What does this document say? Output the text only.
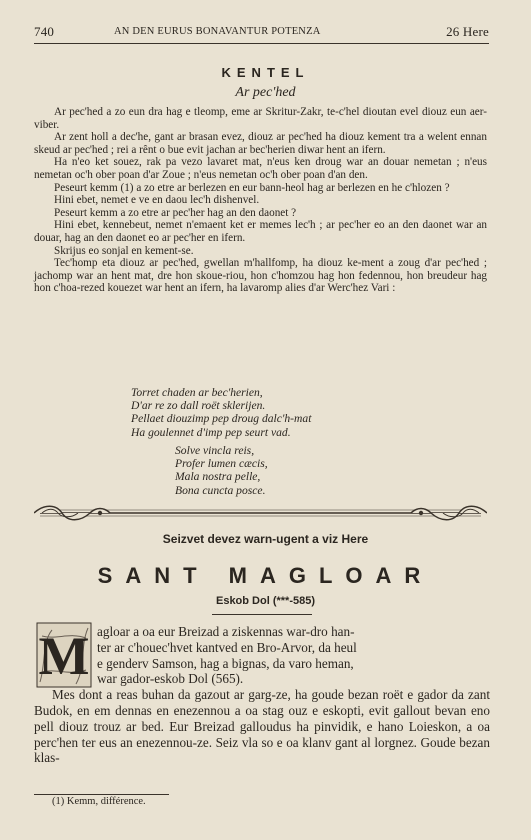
740	AN DEN EURUS BONAVANTUR POTENZA	26 Here
KENTEL
Ar pec'hed

Ar pec'hed a zo eun dra hag e tleomp, eme ar Skritur-Zakr, te-c'hel dioutan evel diouz eun aer-viber.

Ar zent holl a dec'he, gant ar brasan evez, diouz ar pec'hed ha diouz kement tra a welent ennan skeud ar pec'hed ; rei a rênt o bue evit jachan ar bec'herien diwar hent an ifern.

Ha n'eo ket souez, rak pa vezo lavaret mat, n'eus ken droug war an douar nemetan ; n'eus nemetan oc'h ober poan d'ar Zoue ; n'eus nemetan oc'h ober poan d'an den.

Peseurt kemm (1) a zo etre ar berlezen en eur bann-heol hag ar berlezen en he c'hlozen ?

Hini ebet, nemet e ve en daou lec'h dishenvel.

Peseurt kemm a zo etre ar pec'her hag an den daonet ?

Hini ebet, kennebeut, nemet n'emaent ket er memes lec'h ; ar pec'her eo an den daonet war an douar, hag an den daonet eo ar pec'her en ifern.

Skrijus eo sonjal en kement-se.

Tec'homp eta diouz ar pec'hed, gwellan m'hallfomp, ha diouz ke-ment a zoug d'ar pec'hed ; jachomp war an hent mat, dre hon skoue-riou, hon c'homzou hag hon fedennou, hon breudeur hag hon c'hoa-rezed kouezet war hent an ifern, ha lavaromp alies d'ar Werc'hez Vari :

Torret chaden ar bec'herien,
D'ar re zo dall roët sklerijen.
Pellaet diouzimp pep droug dalc'h-mat
Ha goulennet d'imp pep seurt vad.
Solve vincla reis,
Profer lumen cæcis,
Mala nostra pelle,
Bona cuncta posce.
Seizvet devez warn-ugent a viz Here
SANT MAGLOAR
Eskob Dol (***-585)
M agloar a oa eur Breizad a ziskennas war-dro han-
ter ar c'houec'hvet kantved en Bro-Arvor, da heul
e genderv Samson, hag a bignas, da varo heman,
war gador-eskob Dol (565).

Mes dont a reas buhan da gazout ar garg-ze, ha goude bezan roët e gador da zant Budok, en em dennas en enezennou a oa stag ouz e eskopti, evit gallout bevan eno pell diouz trouz ar bed. Eur Breizad galloudus ha pinvidik, e hano Loieskon, a oa perc'hen ter eus an enezennou-ze. Seiz vla so e oa klanv gant al lorgnez. Goude bezan klas-

(1) Kemm, différence.
